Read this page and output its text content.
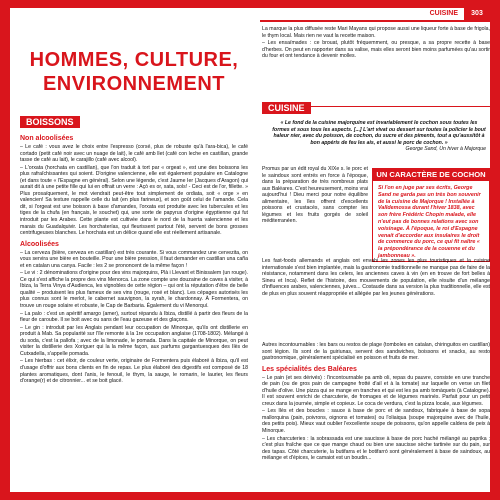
CUISINE	303
HOMMES, CULTURE,
ENVIRONNEMENT
BOISSONS
Non alcoolisées

– Le café : vous avez le choix entre l'espresso (corsé, plus de robuste qu'à l'ara-bica), le café cortado (petit café noir avec un nuage de lait), le café amb llet (café con leche en castillan, grande tasse de café au lait), le carajillo (café avec alcool).

– L'orxata (horchata en castillan), que l'on traduit à tort par « orgeat », est une des boissons les plus rafraîchissantes qui soient. D'origine valencienne, elle est également populaire en Catalogne (et dans toute « l'Espagne en général). Selon une légende, c'est Jaume Ier (Jacques d'Aragon) qui aurait dit à une petite fille qui lui en offrait un verre : Açò es or, xata, sols! - Ceci est de l'or, fillette. » Plus prosaïquement, le mot viendrait peut-être tout simplement de ordiata, soit « orge » en valencien! Sa texture rappelle celle du lait (en plus farineux), et son goût celui de l'amande. Cela dit, si l'orgeat est une boisson à base d'amandes, l'orxata est produite avec les tubercules et les tiges de la chufa (en français, le souchet) qui, une sorte de papyrus d'origine égyptienne qui fut introduit par les Arabes. Cette plante est cultivée dans le nord de la huerta valencienne et les marais du Guadalquivir. Les horchaterías, qui fleurissent partout l'été, servent de bons grosses centrifugeuses blanches. Le horchata est un délice quand elle est réellement artisanale.

Alcoolisées

– La cerveza (bière, cerveza en castillan) est très courante. Si vous commandez une cervezita, on vous servira une bière en bouteille. Pour une bière pression, il faut demander en castillan una caña et en catalan una canya. Facile : les 2 se prononcent de la même façon !

– Le vi : 2 dénominations d'origine pour des vins majorquins, Plà i Llevant et Binissalem (un rouge). Ce qui s'est affiche la propre des vins Menorca. La zone compte une douzaine de caves à visiter, à Ibiza, la Terra Vinya d'Audienca, les vignobles de cette région – qui ont la réputation d'être de belle qualité – produisent les plus fameux de ses vins (rouge, rosé et blanc). Les cépages autorisés les plus connus sont le merlot, le cabernet sauvignon, la syrah, le chardonnay. À Formentera, on trouve un rouge solaire et robuste, le Cap de Barbaria. Également du vi Menorquí.

– La palo : c'est un apéritif amargo (amer), surtout répandu à Ibiza, distillé à partir des fleurs de la fleur de caroube. Il se boit avec ou sans de l'eau gazeuse et des glaçons.

– Le gin : introduit par les Anglais pendant leur occupation de Minorque, qu'ils ont distillerie en produit à Mab. Sa popularité sur l'île remonte à la 1re occupation anglaise (1708-1802). Mélangé à du soda, c'est la pallofa ; avec de la limonade, le pomada. Dans la capitale de Minorque, on peut visiter la distillerie des Xoriguer qui la la même façon, aux parfums gargantuesques des Ilès de Cutxadella, s'appelle pomada.

– Les hierbas : cet élixir, de couleur verte, originaire de Formentera puis élaboré à Ibiza, qu'il est d'usage d'offrir aux bons clients en fin de repas. Le plus élaboré des digestifs est composé de 18 plantes aromatiques, dont l'anis, le fenouil, le thym, la sauge, le romarin, le laurier, les fleurs d'orange(r) et de citronnier... et se boit glacé.

La marque la plus diffusée reste Mari Mayans qui propose aussi une liqueur forte à base de frigola, le thym local. Mais rien ne vaut la recette maison.

– Les ensaïmades : ce brouat, plutôt fréquemment, ou presque, a sa propre recette à base d'herbes. On peut en rapporter dans sa valise, mais elles seront bien moins parfumées qu'au sortir du four et ont tendance à devenir molles.

CUISINE
« Le fond de la cuisine majorquine est invariablement le cochon sous toutes les formes et sous tous les aspects. [...] L'art vivat ou dessert sur toutes la policier le bout haleur nier, avec du poisson, de cochon, du sucre et des piments, tout a qu'aussitôt à bon appéris de feu les ais, et aussi le porc de cochon. »
George Sand, Un hiver à Majorque

Promus par un édit royal du XIXe s. le porc et le saindoux sont entrés en force à l'époque, dans la préparation de très nombreux plats aux Baléares. C'est heureusement, moins vrai aujourd'hui ! Dieu merci pour notre équilibre alimentaire, les îles offrent d'excellents poissons et crustacés, sans compter les légumes et les fruits gorgés de soleil méditerranéen.

UN CARACTÈRE DE COCHON
Si l'on en juge par ses écrits, George Sand ne garda pas un très bon souvenir de la cuisine de Majorque ! Installée à Valldemossa durant l'hiver 1838, avec son frère Frédéric Chopin malade, elle n'eut pas de bonnes relations avec son voisinage. À l'époque, le roi d'Espagne venait d'accorder aux insulaires le droit de commerce du porc, ce qui fit naître « la prépondérance de la couenne et du jambonneau ».

Les fast-foods allemands et anglais ont envahi les zones les plus touristiques et la cuisine internationale s'est bien implantée, mais la gastronomie traditionnelle ne manque pas de faire de la résistance, notamment dans les celers, les anciennes caves à vin (en en trouve de fort belles à Sineu et Inca). Reflet de l'histoire, des mouvements de population, elle résulte d'un mélange d'influences arabes, valenciennes, juives... Costaude dans sa version la plus traditionnelle, elle est de plus en plus souvent réappropriée et allégée par les jeunes générations.

Autres incontournables : les bars ou restos de plage (tomboles en catalan, chiringuitos en castillan) sont légion. Ils sont de la guiriunas, servent des sandwiches, boissons et snacks, au resto gastronomique, généralement spécialisé en poisson et fruits de mer.

Les spécialités des Baléares

– Le pain (et ses dérivés) : l'incontournable pa amb oli, repas du pauvre, consiste en une tranche de pain (ou de gros pain de campagne frotté d'ail et à la tomate) sur laquelle on verse un filet d'huile d'olive. Une pizza qui se mange en tranches et qui est les pa amb tomàquets (à Catalogne). Il est souvent enrichi de charcuterie, de fromages et de légumes marinés. Parfait pour un petit creux dans la journée, simple et copieux. Le coca de verdura, c'est la pizza locale, aux légumes.

– Les Ilès et des boucles : sauce à base de porc et de sandoux, fabriquée à base de sopa mallorquina (pain, poivrons, oignons et tomates) ou l'oliaiqua (soupe majorquine avec de l'huile, des petits pois). Mieux vaut oublier l'excellente soupe de poissons, qu'on appelle caldera de peix à Minorque.

– Les charcuteries : la sobrassada est une saucisse à base de porc haché mélangé au paprika ; c'est plus fraîche que ce que mange chaud ou bien une saucisse sèche tartinée sur du pain, sur des tapas. Côté charcuterie, la butifarra et le botifarró sont généralement à base de saindoux, au mélange et d'épices, le camaiot est un boudin...
